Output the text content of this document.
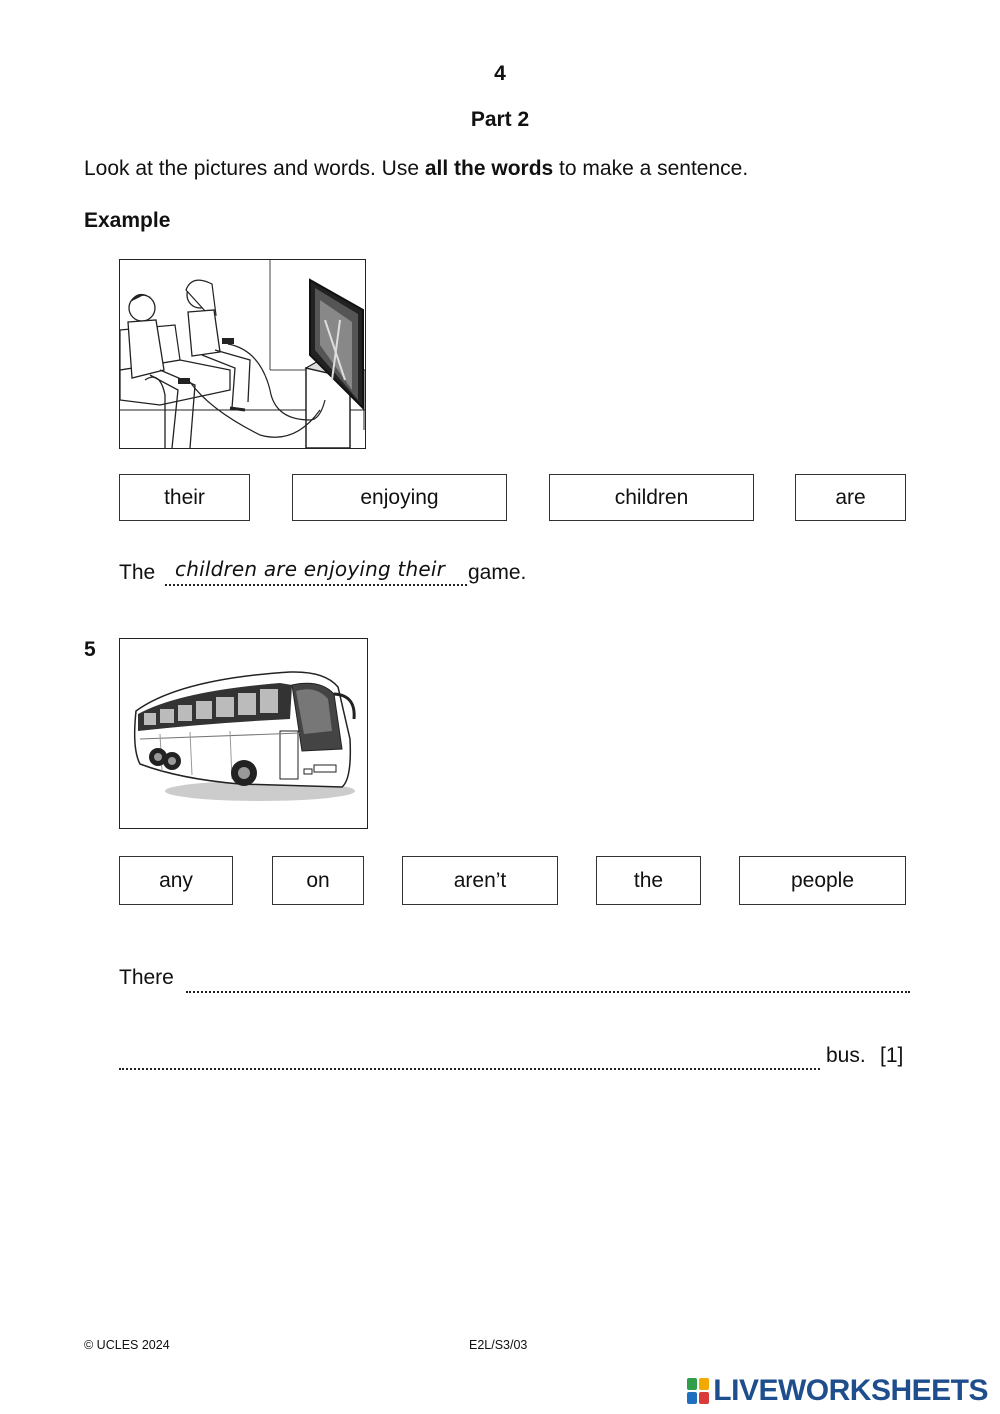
4
Part 2
Look at the pictures and words. Use all the words to make a sentence.
Example
their	enjoying	children	are
The children are enjoying their game.
5
any	on	aren’t	the	people
There
bus. [1]
© UCLES 2024	E2L/S3/03
LIVEWORKSHEETS
